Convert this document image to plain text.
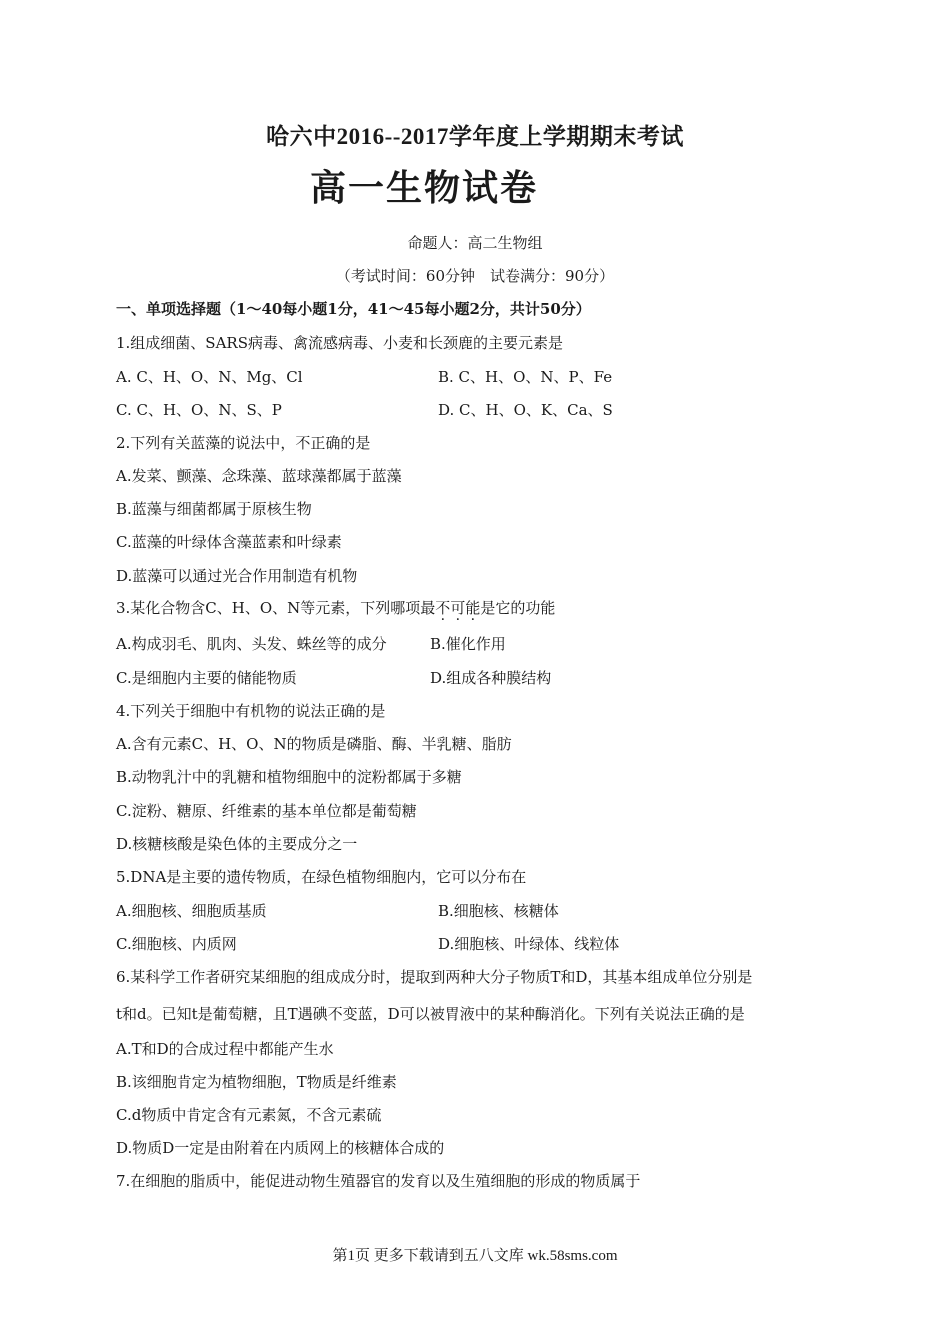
哈六中2016--2017学年度上学期期末考试
高一生物试卷
命题人：高二生物组
（考试时间：60分钟　试卷满分：90分）
一、单项选择题（1～40每小题1分，41～45每小题2分，共计50分）
1.组成细菌、SARS病毒、禽流感病毒、小麦和长颈鹿的主要元素是
A. C、H、O、N、Mg、Cl	B. C、H、O、N、P、Fe
C. C、H、O、N、S、P	D. C、H、O、K、Ca、S
2.下列有关蓝藻的说法中，不正确的是
A.发菜、颤藻、念珠藻、蓝球藻都属于蓝藻
B.蓝藻与细菌都属于原核生物
C.蓝藻的叶绿体含藻蓝素和叶绿素
D.蓝藻可以通过光合作用制造有机物
3.某化合物含C、H、O、N等元素，下列哪项最不可能是它的功能
A.构成羽毛、肌肉、头发、蛛丝等的成分	B.催化作用
C.是细胞内主要的储能物质	D.组成各种膜结构
4.下列关于细胞中有机物的说法正确的是
A.含有元素C、H、O、N的物质是磷脂、酶、半乳糖、脂肪
B.动物乳汁中的乳糖和植物细胞中的淀粉都属于多糖
C.淀粉、糖原、纤维素的基本单位都是葡萄糖
D.核糖核酸是染色体的主要成分之一
5.DNA是主要的遗传物质，在绿色植物细胞内，它可以分布在
A.细胞核、细胞质基质	B.细胞核、核糖体
C.细胞核、内质网	D.细胞核、叶绿体、线粒体
6.某科学工作者研究某细胞的组成成分时，提取到两种大分子物质T和D，其基本组成单位分别是
t和d。已知t是葡萄糖，且T遇碘不变蓝，D可以被胃液中的某种酶消化。下列有关说法正确的是
A.T和D的合成过程中都能产生水
B.该细胞肯定为植物细胞，T物质是纤维素
C.d物质中肯定含有元素氮，不含元素硫
D.物质D一定是由附着在内质网上的核糖体合成的
7.在细胞的脂质中，能促进动物生殖器官的发育以及生殖细胞的形成的物质属于
第1页 更多下载请到五八文库 wk.58sms.com
